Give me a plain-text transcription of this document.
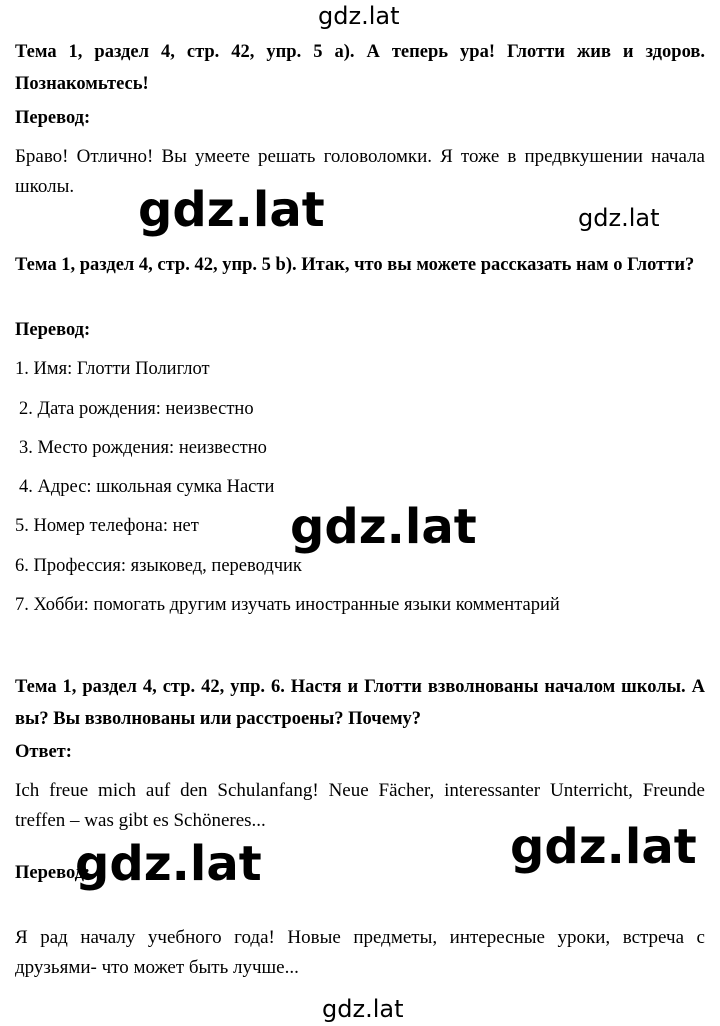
Тема 1, раздел 4, стр. 42, упр. 5 a). А теперь ура! Глотти жив и здоров. Познакомьтесь!
Перевод:
Браво! Отлично! Вы умеете решать головоломки. Я тоже в предвкушении начала школы.
Тема 1, раздел 4, стр. 42, упр. 5 b). Итак, что вы можете рассказать нам о Глотти?
Перевод:
1. Имя: Глотти Полиглот
2. Дата рождения: неизвестно
3. Место рождения: неизвестно
4. Адрес: школьная сумка Насти
5. Номер телефона: нет
6. Профессия: языковед, переводчик
7. Хобби: помогать другим изучать иностранные языки комментарий
Тема 1, раздел 4, стр. 42, упр. 6. Настя и Глотти взволнованы началом школы. А вы? Вы взволнованы или расстроены? Почему?
Ответ:
Ich freue mich auf den Schulanfang! Neue Fächer, interessanter Unterricht, Freunde treffen – was gibt es Schöneres...
Перевод:
Я рад началу учебного года! Новые предметы, интересные уроки, встреча с друзьями- что может быть лучше...
gdz.lat
gdz.lat	gdz.lat
gdz.lat
gdz.lat
gdz.lat
gdz.lat
